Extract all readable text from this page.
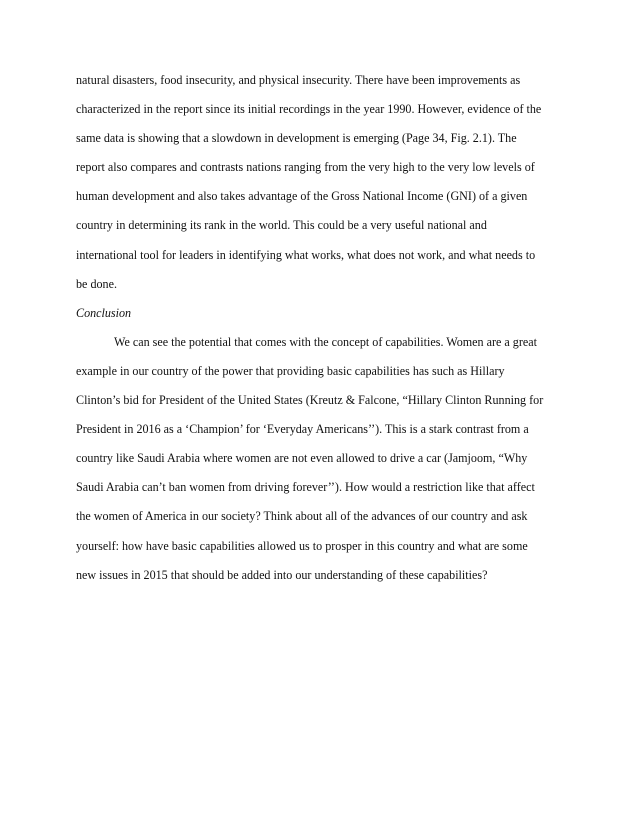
natural disasters, food insecurity, and physical insecurity. There have been improvements as
characterized in the report since its initial recordings in the year 1990. However, evidence of the
same data is showing that a slowdown in development is emerging (Page 34, Fig. 2.1). The
report also compares and contrasts nations ranging from the very high to the very low levels of
human development and also takes advantage of the Gross National Income (GNI) of a given
country in determining its rank in the world. This could be a very useful national and
international tool for leaders in identifying what works, what does not work, and what needs to
be done.
Conclusion
We can see the potential that comes with the concept of capabilities. Women are a great
example in our country of the power that providing basic capabilities has such as Hillary
Clinton’s bid for President of the United States (Kreutz & Falcone, “Hillary Clinton Running for
President in 2016 as a ‘Champion’ for ‘Everyday Americans’’). This is a stark contrast from a
country like Saudi Arabia where women are not even allowed to drive a car (Jamjoom, “Why
Saudi Arabia can’t ban women from driving forever’’). How would a restriction like that affect
the women of America in our society? Think about all of the advances of our country and ask
yourself: how have basic capabilities allowed us to prosper in this country and what are some
new issues in 2015 that should be added into our understanding of these capabilities?
